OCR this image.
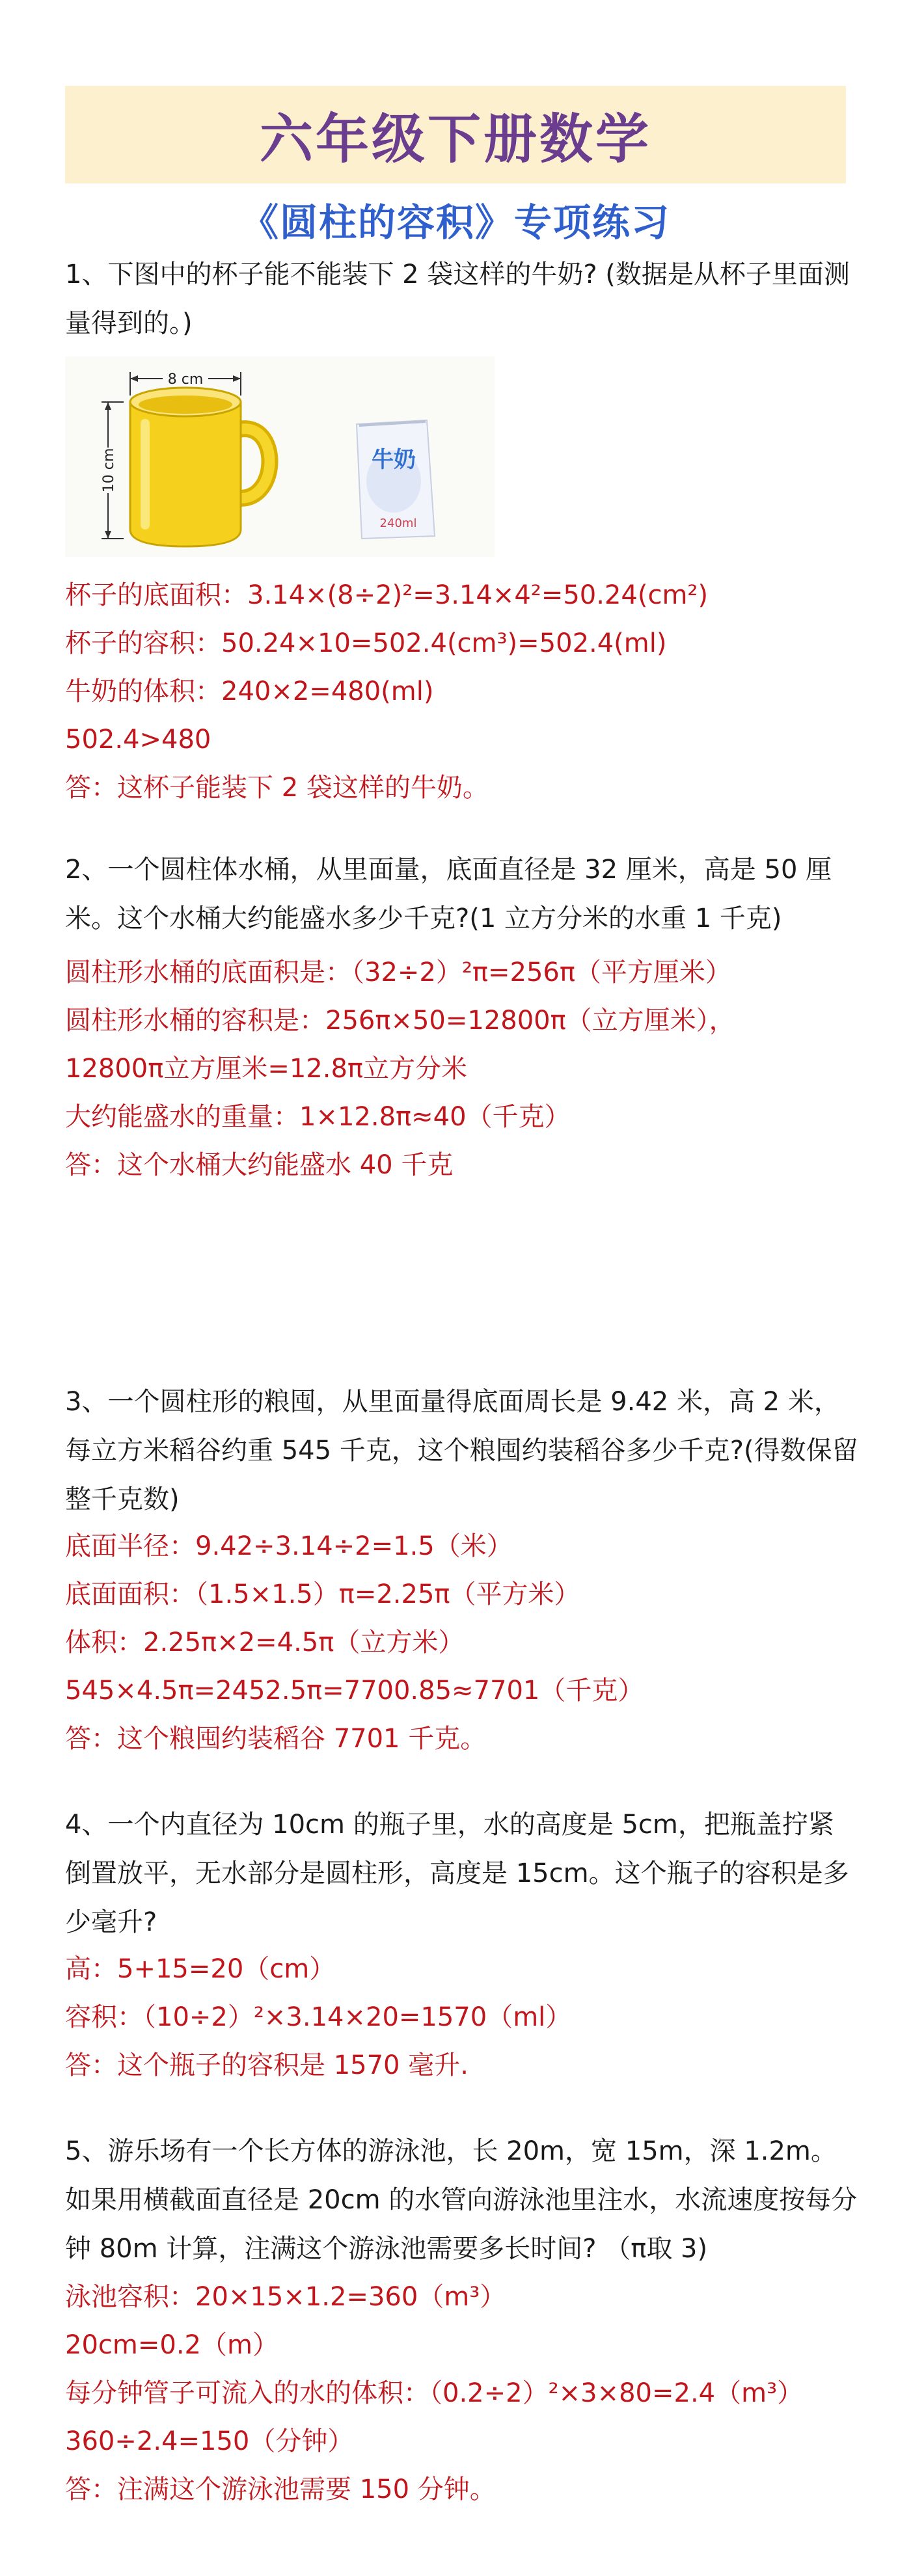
六年级下册数学
《圆柱的容积》专项练习
1、下图中的杯子能不能装下 2 袋这样的牛奶? (数据是从杯子里面测量得到的。)
8 cm
10 cm	牛奶
240ml
杯子的底面积：3.14×(8÷2)²=3.14×4²=50.24(cm²)
杯子的容积：50.24×10=502.4(cm³)=502.4(ml)
牛奶的体积：240×2=480(ml)
502.4>480
答：这杯子能装下 2 袋这样的牛奶。
2、一个圆柱体水桶，从里面量，底面直径是 32 厘米，高是 50 厘米。这个水桶大约能盛水多少千克?(1 立方分米的水重 1 千克)
圆柱形水桶的底面积是：（32÷2）²π=256π（平方厘米）
圆柱形水桶的容积是：256π×50=12800π（立方厘米），
12800π立方厘米=12.8π立方分米
大约能盛水的重量：1×12.8π≈40（千克）
答：这个水桶大约能盛水 40 千克
3、一个圆柱形的粮囤，从里面量得底面周长是 9.42 米，高 2 米，每立方米稻谷约重 545 千克，这个粮囤约装稻谷多少千克?(得数保留整千克数)
底面半径：9.42÷3.14÷2=1.5（米）
底面面积：（1.5×1.5）π=2.25π（平方米）
体积：2.25π×2=4.5π（立方米）
545×4.5π=2452.5π=7700.85≈7701（千克）
答：这个粮囤约装稻谷 7701 千克。
4、一个内直径为 10cm 的瓶子里，水的高度是 5cm，把瓶盖拧紧倒置放平，无水部分是圆柱形，高度是 15cm。这个瓶子的容积是多少毫升?
高：5+15=20（cm）
容积：（10÷2）²×3.14×20=1570（ml）
答：这个瓶子的容积是 1570 毫升.
5、游乐场有一个长方体的游泳池，长 20m，宽 15m，深 1.2m。如果用横截面直径是 20cm 的水管向游泳池里注水，水流速度按每分钟 80m 计算，注满这个游泳池需要多长时间? （π取 3)
泳池容积：20×15×1.2=360（m³）
20cm=0.2（m）
每分钟管子可流入的水的体积：（0.2÷2）²×3×80=2.4（m³）
360÷2.4=150（分钟）
答：注满这个游泳池需要 150 分钟。
